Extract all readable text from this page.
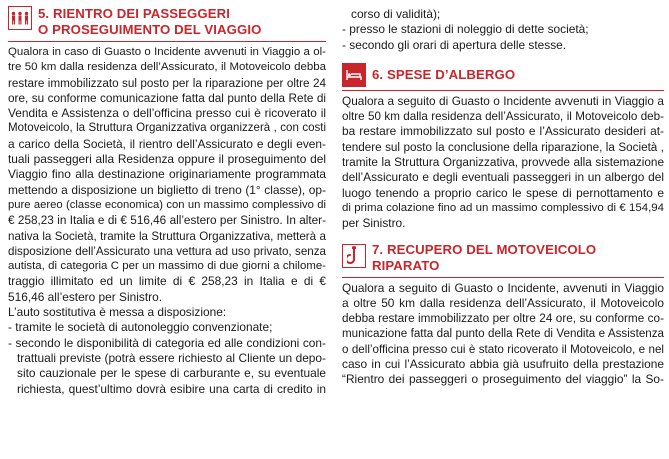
5. RIENTRO DEI PASSEGGERI
O PROSEGUIMENTO DEL VIAGGIO
Qualora in caso di Guasto o Incidente avvenuti in Viaggio a ol-
tre 50 km dalla residenza dell’Assicurato, il Motoveicolo debba
restare immobilizzato sul posto per la riparazione per oltre 24
ore, su conforme comunicazione fatta dal punto della Rete di
Vendita e Assistenza o dell’officina presso cui è ricoverato il
Motoveicolo, la Struttura Organizzativa organizzerà , con costi
a carico della Società, il rientro dell’Assicurato e degli even-
tuali passeggeri alla Residenza oppure il proseguimento del
Viaggio fino alla destinazione originariamente programmata
mettendo a disposizione un biglietto di treno (1° classe), op-
pure aereo (classe economica) con un massimo complessivo di
€ 258,23 in Italia e di € 516,46 all’estero per Sinistro. In alter-
nativa la Società, tramite la Struttura Organizzativa, metterà a
disposizione dell’Assicurato una vettura ad uso privato, senza
autista, di categoria C per un massimo di due giorni a chilome-
traggio illimitato ed un limite di € 258,23 in Italia e di €
516,46 all’estero per Sinistro.
L’auto sostitutiva è messa a disposizione:
- tramite le società di autonoleggio convenzionate;
- secondo le disponibilità di categoria ed alle condizioni con-
trattuali previste (potrà essere richiesto al Cliente un depo-
sito cauzionale per le spese di carburante e, su eventuale
richiesta, quest’ultimo dovrà esibire una carta di credito in
corso di validità);
- presso le stazioni di noleggio di dette società;
- secondo gli orari di apertura delle stesse.
6. SPESE D’ALBERGO
Qualora a seguito di Guasto o Incidente avvenuti in Viaggio a
oltre 50 km dalla residenza dell’Assicurato, il Motoveicolo deb-
ba restare immobilizzato sul posto e l’Assicurato desideri at-
tendere sul posto la conclusione della riparazione, la Società ,
tramite la Struttura Organizzativa, provvede alla sistemazione
dell’Assicurato e degli eventuali passeggeri in un albergo del
luogo tenendo a proprio carico le spese di pernottamento e
di prima colazione fino ad un massimo complessivo di € 154,94
per Sinistro.
7. RECUPERO DEL MOTOVEICOLO
RIPARATO
Qualora a seguito di Guasto o Incidente, avvenuti in Viaggio
a oltre 50 km dalla residenza dell’Assicurato, il Motoveicolo
debba restare immobilizzato per oltre 24 ore, su conforme co-
municazione fatta dal punto della Rete di Vendita e Assistenza
o dell’officina presso cui è stato ricoverato il Motoveicolo, e nel
caso in cui l’Assicurato abbia già usufruito della prestazione
“Rientro dei passeggeri o proseguimento del viaggio” la So-
